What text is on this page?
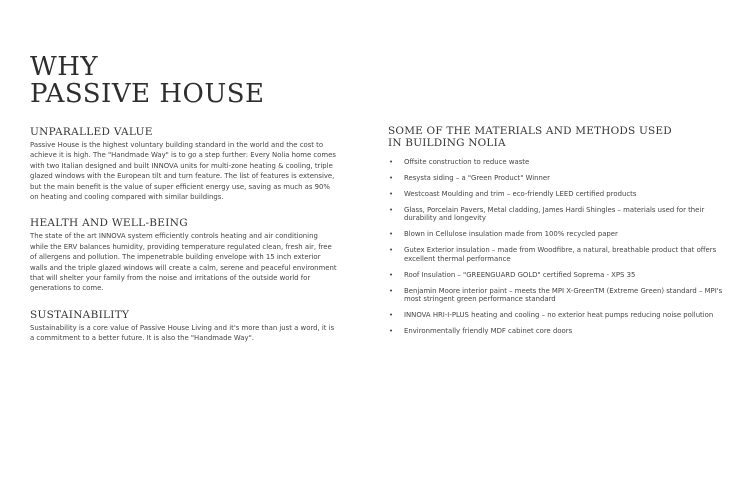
WHY
PASSIVE HOUSE
UNPARALLED VALUE

Passive House is the highest voluntary building standard in the world and the cost to achieve it is high. The "Handmade Way" is to go a step further: Every Nolia home comes with two Italian designed and built INNOVA units for multi-zone heating & cooling, triple glazed windows with the European tilt and turn feature. The list of features is extensive, but the main benefit is the value of super efficient energy use, saving as much as 90% on heating and cooling compared with similar buildings.

HEALTH AND WELL-BEING

The state of the art INNOVA system efficiently controls heating and air conditioning while the ERV balances humidity, providing temperature regulated clean, fresh air, free of allergens and pollution. The impenetrable building envelope with 15 inch exterior walls and the triple glazed windows will create a calm, serene and peaceful environment that will shelter your family from the noise and irritations of the outside world for generations to come.

SUSTAINABILITY

Sustainability is a core value of Passive House Living and it's more than just a word, it is a commitment to a better future. It is also the "Handmade Way".

SOME OF THE MATERIALS AND METHODS USED
IN BUILDING NOLIA
• Offsite construction to reduce waste
• Resysta siding – a "Green Product" Winner
• Westcoast Moulding and trim – eco-friendly LEED certified products
• Glass, Porcelain Pavers, Metal cladding, James Hardi Shingles – materials used for their durability and longevity
• Blown in Cellulose insulation made from 100% recycled paper
• Gutex Exterior insulation – made from Woodfibre, a natural, breathable product that offers excellent thermal performance
• Roof Insulation – "GREENGUARD GOLD" certified Soprema - XPS 35
• Benjamin Moore interior paint – meets the MPI X-GreenTM (Extreme Green) standard – MPI's most stringent green performance standard
• INNOVA HRI-I-PLUS heating and cooling – no exterior heat pumps reducing noise pollution
• Environmentally friendly MDF cabinet core doors
